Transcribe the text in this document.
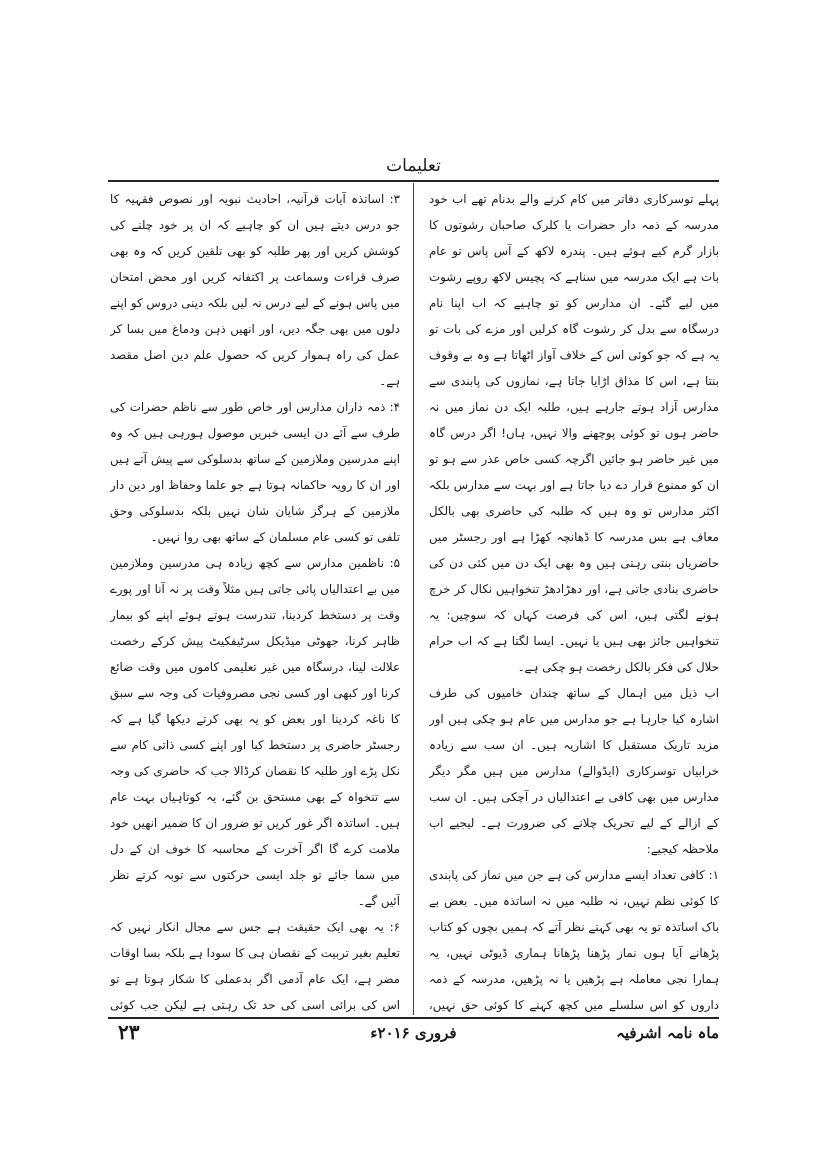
تعلیمات

پہلے توسرکاری دفاتر میں کام کرنے والے بدنام تھے اب خود مدرسہ کے ذمہ دار حضرات یا کلرک صاحبان رشوتوں کا بازار گرم کیے ہوئے ہیں۔ پندرہ لاکھ کے آس پاس تو عام بات ہے ایک مدرسہ میں سناہے کہ پچیس لاکھ روپے رشوت میں لیے گئے۔ ان مدارس کو تو چاہیے کہ اب اپنا نام درسگاہ سے بدل کر رشوت گاہ کرلیں اور مزے کی بات تو یہ ہے کہ جو کوئی اس کے خلاف آواز اٹھاتا ہے وہ بے وقوف بنتا ہے، اس کا مذاق اڑایا جاتا ہے، نمازوں کی پابندی سے مدارس آزاد ہوتے جارہے ہیں، طلبہ ایک دن نماز میں نہ حاضر ہوں تو کوئی پوچھنے والا نہیں، ہاں! اگر درس گاہ میں غیر حاضر ہو جائیں اگرچہ کسی خاص عذر سے ہو تو ان کو ممنوع قرار دے دیا جاتا ہے اور بہت سے مدارس بلکہ اکثر مدارس تو وہ ہیں کہ طلبہ کی حاضری بھی بالکل معاف ہے بس مدرسہ کا ڈھانچہ کھڑا ہے اور رجسٹر میں حاضریاں بنتی رہتی ہیں وہ بھی ایک دن میں کئی دن کی حاضری بنادی جاتی ہے، اور دھڑادھڑ تنخواہیں نکال کر خرچ ہونے لگتی ہیں، اس کی فرصت کہاں کہ سوچیں: یہ تنخواہیں جائز بھی ہیں یا نہیں۔ ایسا لگتا ہے کہ اب حرام حلال کی فکر بالکل رخصت ہو چکی ہے۔

اب ذیل میں اہمال کے ساتھ چندان خامیوں کی طرف اشارہ کیا جارہا ہے جو مدارس میں عام ہو چکی ہیں اور مزید تاریک مستقبل کا اشاریہ ہیں۔ ان سب سے زیادہ خرابیاں توسرکاری (ایڈوالے) مدارس میں ہیں مگر دیگر مدارس میں بھی کافی بے اعتدالیاں در آچکی ہیں۔ ان سب کے ازالے کے لیے تحریک چلانے کی ضرورت ہے۔ لیجیے اب ملاحظہ کیجیے:

۱: کافی تعداد ایسے مدارس کی ہے جن میں نماز کی پابندی کا کوئی نظم نہیں، نہ طلبہ میں نہ اساتذہ میں۔ بعض بے باک اساتذہ تو یہ بھی کہتے نظر آتے کہ ہمیں بچوں کو کتاب پڑھانے آیا ہوں نماز پڑھنا پڑھانا ہماری ڈیوٹی نہیں، یہ ہمارا نجی معاملہ ہے پڑھیں یا نہ پڑھیں، مدرسہ کے ذمہ داروں کو اس سلسلے میں کچھ کہنے کا کوئی حق نہیں،

۳: اساتذہ آیات قرآنیہ، احادیث نبویہ اور نصوص فقہیہ کا جو درس دیتے ہیں ان کو چاہیے کہ ان پر خود چلنے کی کوشش کریں اور پھر طلبہ کو بھی تلقین کریں کہ وہ بھی صرف قراءت وسماعت پر اکتفانہ کریں اور محض امتحان میں پاس ہونے کے لیے درس نہ لیں بلکہ دینی دروس کو اپنے دلوں میں بھی جگہ دیں، اور انھیں ذہن ودماغ میں بسا کر عمل کی راہ ہموار کریں کہ حصول علم دین اصل مقصد ہے۔

۴: ذمہ داران مدارس اور خاص طور سے ناظم حضرات کی طرف سے آئے دن ایسی خبریں موصول ہورہی ہیں کہ وہ اپنے مدرسین وملازمین کے ساتھ بدسلوکی سے پیش آتے ہیں اور ان کا رویہ حاکمانہ ہوتا ہے جو علما وحفاظ اور دین دار ملازمین کے ہرگز شایان شان نہیں بلکہ بدسلوکی وحق تلفی تو کسی عام مسلمان کے ساتھ بھی روا نہیں۔

۵: ناظمین مدارس سے کچھ زیادہ ہی مدرسین وملازمین میں بے اعتدالیاں پائی جاتی ہیں مثلاً وقت پر نہ آنا اور پورے وقت پر دستخط کردینا، تندرست ہوتے ہوئے اپنے کو بیمار ظاہر کرنا، جھوٹی میڈیکل سرٹیفکیٹ پیش کرکے رخصت علالت لینا، درسگاہ میں غیر تعلیمی کاموں میں وقت ضائع کرنا اور کبھی اور کسی نجی مصروفیات کی وجہ سے سبق کا ناغہ کردینا اور بعض کو یہ بھی کرتے دیکھا گیا ہے کہ رجسٹر حاضری پر دستخط کیا اور اپنے کسی ذاتی کام سے نکل پڑے اور طلبہ کا نقصان کرڈالا جب کہ حاضری کی وجہ سے تنخواہ کے بھی مستحق بن گئے، یہ کوتاہیاں بہت عام ہیں۔ اساتذہ اگر غور کریں تو ضرور ان کا ضمیر انھیں خود ملامت کرے گا اگر آخرت کے محاسبہ کا خوف ان کے دل میں سما جائے تو جلد ایسی حرکتوں سے توبہ کرتے نظر آئیں گے۔

۶: یہ بھی ایک حقیقت ہے جس سے مجال انکار نہیں کہ تعلیم بغیر تربیت کے نقصان ہی کا سودا ہے بلکہ بسا اوقات مضر ہے، ایک عام آدمی اگر بدعملی کا شکار ہوتا ہے تو اس کی برائی اسی کی حد تک رہتی ہے لیکن جب کوئی

ماہ نامہ اشرفیہ
فروری ۲۰۱۶ء
۲۳
